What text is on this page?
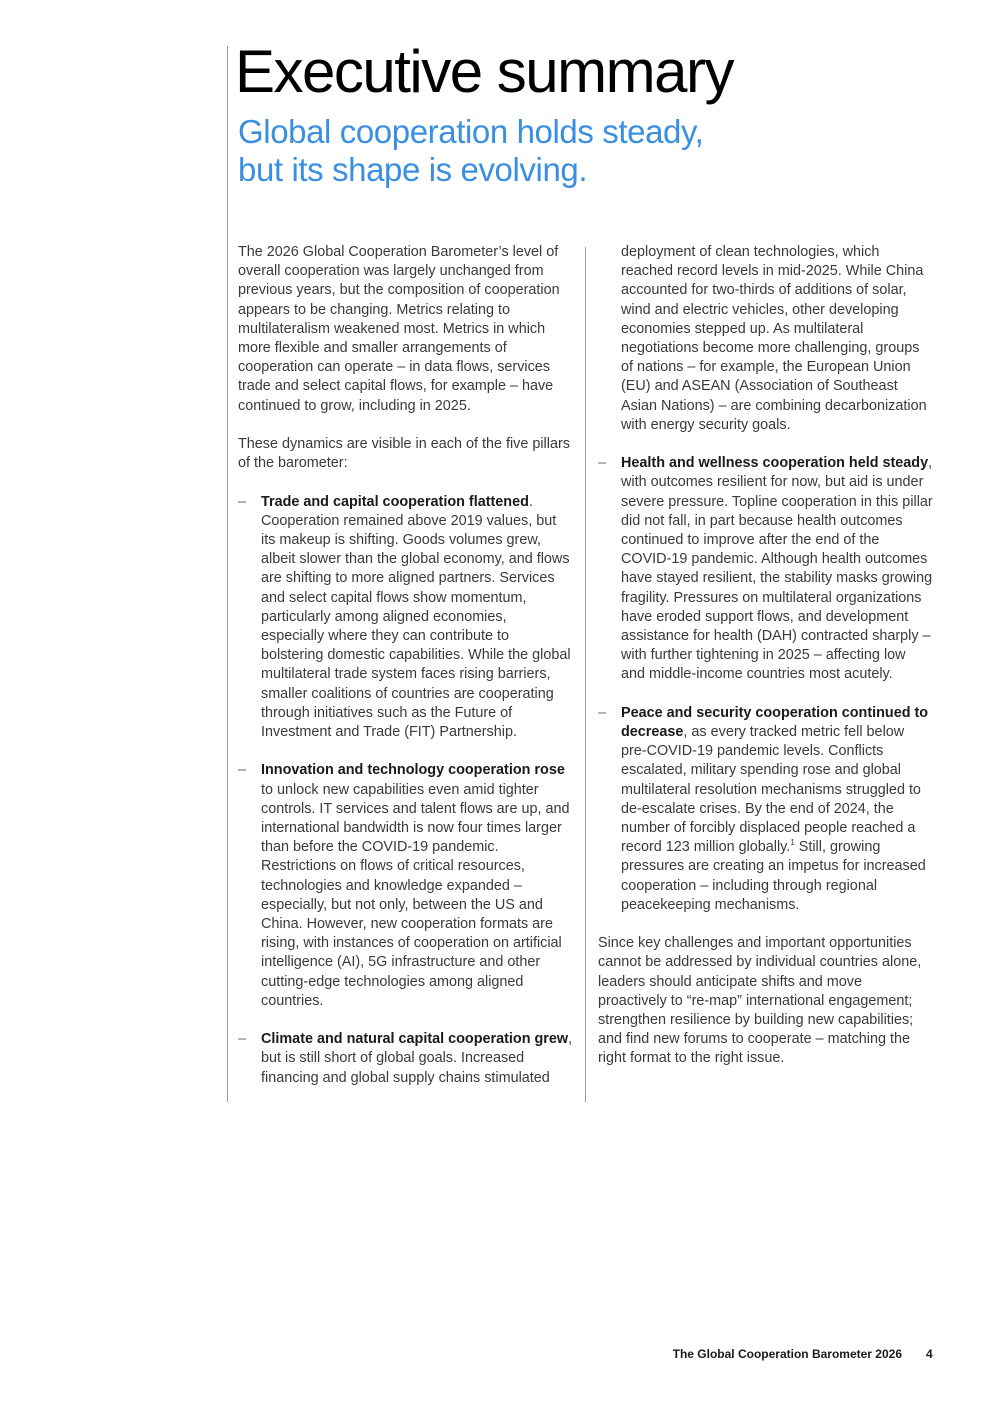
Executive summary
Global cooperation holds steady,
but its shape is evolving.

The 2026 Global Cooperation Barometer’s level of overall cooperation was largely unchanged from previous years, but the composition of cooperation appears to be changing. Metrics relating to multilateralism weakened most. Metrics in which more flexible and smaller arrangements of cooperation can operate – in data flows, services trade and select capital flows, for example – have continued to grow, including in 2025.

These dynamics are visible in each of the five pillars of the barometer:

– Trade and capital cooperation flattened. Cooperation remained above 2019 values, but its makeup is shifting. Goods volumes grew, albeit slower than the global economy, and flows are shifting to more aligned partners. Services and select capital flows show momentum, particularly among aligned economies, especially where they can contribute to bolstering domestic capabilities. While the global multilateral trade system faces rising barriers, smaller coalitions of countries are cooperating through initiatives such as the Future of Investment and Trade (FIT) Partnership.
– Innovation and technology cooperation rose to unlock new capabilities even amid tighter controls. IT services and talent flows are up, and international bandwidth is now four times larger than before the COVID-19 pandemic. Restrictions on flows of critical resources, technologies and knowledge expanded – especially, but not only, between the US and China. However, new cooperation formats are rising, with instances of cooperation on artificial intelligence (AI), 5G infrastructure and other cutting-edge technologies among aligned countries.
– Climate and natural capital cooperation grew, but is still short of global goals. Increased financing and global supply chains stimulated

deployment of clean technologies, which reached record levels in mid-2025. While China accounted for two-thirds of additions of solar, wind and electric vehicles, other developing economies stepped up. As multilateral negotiations become more challenging, groups of nations – for example, the European Union (EU) and ASEAN (Association of Southeast Asian Nations) – are combining decarbonization with energy security goals.

– Health and wellness cooperation held steady, with outcomes resilient for now, but aid is under severe pressure. Topline cooperation in this pillar did not fall, in part because health outcomes continued to improve after the end of the COVID-19 pandemic. Although health outcomes have stayed resilient, the stability masks growing fragility. Pressures on multilateral organizations have eroded support flows, and development assistance for health (DAH) contracted sharply – with further tightening in 2025 – affecting low and middle-income countries most acutely.
– Peace and security cooperation continued to decrease, as every tracked metric fell below pre-COVID-19 pandemic levels. Conflicts escalated, military spending rose and global multilateral resolution mechanisms struggled to de-escalate crises. By the end of 2024, the number of forcibly displaced people reached a record 123 million globally.$^1$ Still, growing pressures are creating an impetus for increased cooperation – including through regional peacekeeping mechanisms.

Since key challenges and important opportunities cannot be addressed by individual countries alone, leaders should anticipate shifts and move proactively to “re-map” international engagement; strengthen resilience by building new capabilities; and find new forums to cooperate – matching the right format to the right issue.

The Global Cooperation Barometer 2026 4
